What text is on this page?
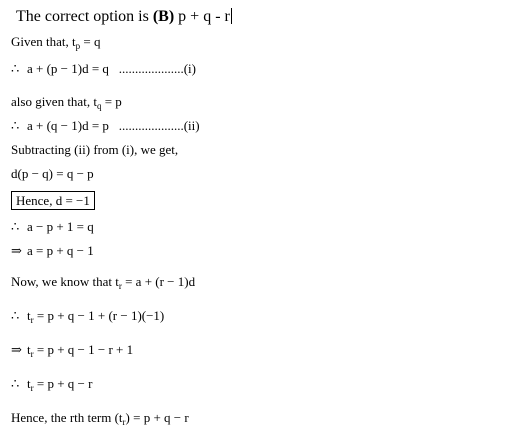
The correct option is (B) p + q - r
Given that, $t_p = q$
∴ a + (p − 1)d = q ....................(i)
also given that, $t_q = p$
∴ a + (q − 1)d = p ....................(ii)
Subtracting (ii) from (i), we get,
d(p − q) = q − p
Hence, d = −1
∴ a − p + 1 = q
⇒ a = p + q − 1
Now, we know that $t_r = a + (r - 1)d$
∴ $t_r = p + q - 1 + (r - 1)(-1)$
⇒ $t_r = p + q - 1 - r + 1$
∴ $t_r = p + q - r$
Hence, the rth term $(t_r) = p + q - r$
